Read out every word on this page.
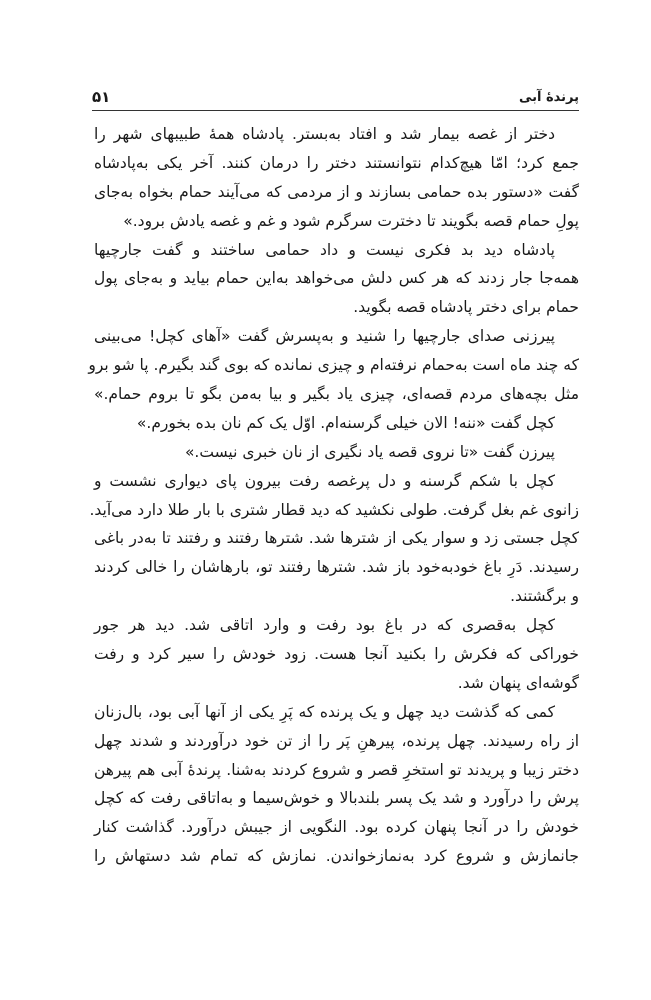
پرندهٔ آبی
۵۱
دختر از غصه بیمار شد و افتاد به‌بستر. پادشاه همهٔ طبیبهای شهر را
جمع کرد؛ امّا هیچ‌کدام نتوانستند دختر را درمان کنند. آخر یکی به‌پادشاه
گفت «دستور بده حمامی بسازند و از مردمی که می‌آیند حمام بخواه به‌جای
پولِ حمام قصه بگویند تا دخترت سرگرم شود و غم و غصه یادش برود.»
پادشاه دید بد فکری نیست و داد حمامی ساختند و گفت جارچیها
همه‌جا جار زدند که هر کس دلش می‌خواهد به‌این حمام بیاید و به‌جای پول
حمام برای دختر پادشاه قصه بگوید.
پیرزنی صدای جارچیها را شنید و به‌پسرش گفت «آهای کچل! می‌بینی
که چند ماه است به‌حمام نرفته‌ام و چیزی نمانده که بوی گند بگیرم. پا شو برو
مثل بچه‌های مردم قصه‌ای، چیزی یاد بگیر و بیا به‌من بگو تا بروم حمام.»
کچل گفت «ننه! الان خیلی گرسنه‌ام. اوّل یک کم نان بده بخورم.»
پیرزن گفت «تا نروی قصه یاد نگیری از نان خبری نیست.»
کچل با شکم گرسنه و دل پرغصه رفت بیرون پای دیواری نشست و
زانوی غم بغل گرفت. طولی نکشید که دید قطار شتری با بار طلا دارد می‌آید.
کچل جستی زد و سوار یکی از شترها شد. شترها رفتند و رفتند تا به‌در باغی
رسیدند. دَرِ باغ خودبه‌خود باز شد. شترها رفتند تو، بارهاشان را خالی کردند
و برگشتند.
کچل به‌قصری که در باغ بود رفت و وارد اتاقی شد. دید هر جور
خوراکی که فکرش را بکنید آنجا هست. زود خودش را سیر کرد و رفت
گوشه‌ای پنهان شد.
کمی که گذشت دید چهل و یک پرنده که پَرِ یکی از آنها آبی بود، بال‌زنان
از راه رسیدند. چهل پرنده، پیرهنِ پَر را از تن خود درآوردند و شدند چهل
دختر زیبا و پریدند تو استخرِ قصر و شروع کردند به‌شنا. پرندهٔ آبی هم پیرهن
پرش را درآورد و شد یک پسر بلندبالا و خوش‌سیما و به‌اتاقی رفت که کچل
خودش را در آنجا پنهان کرده بود. النگویی از جیبش درآورد. گذاشت کنار
جانمازش و شروع کرد به‌نمازخواندن. نمازش که تمام شد دستهاش را
